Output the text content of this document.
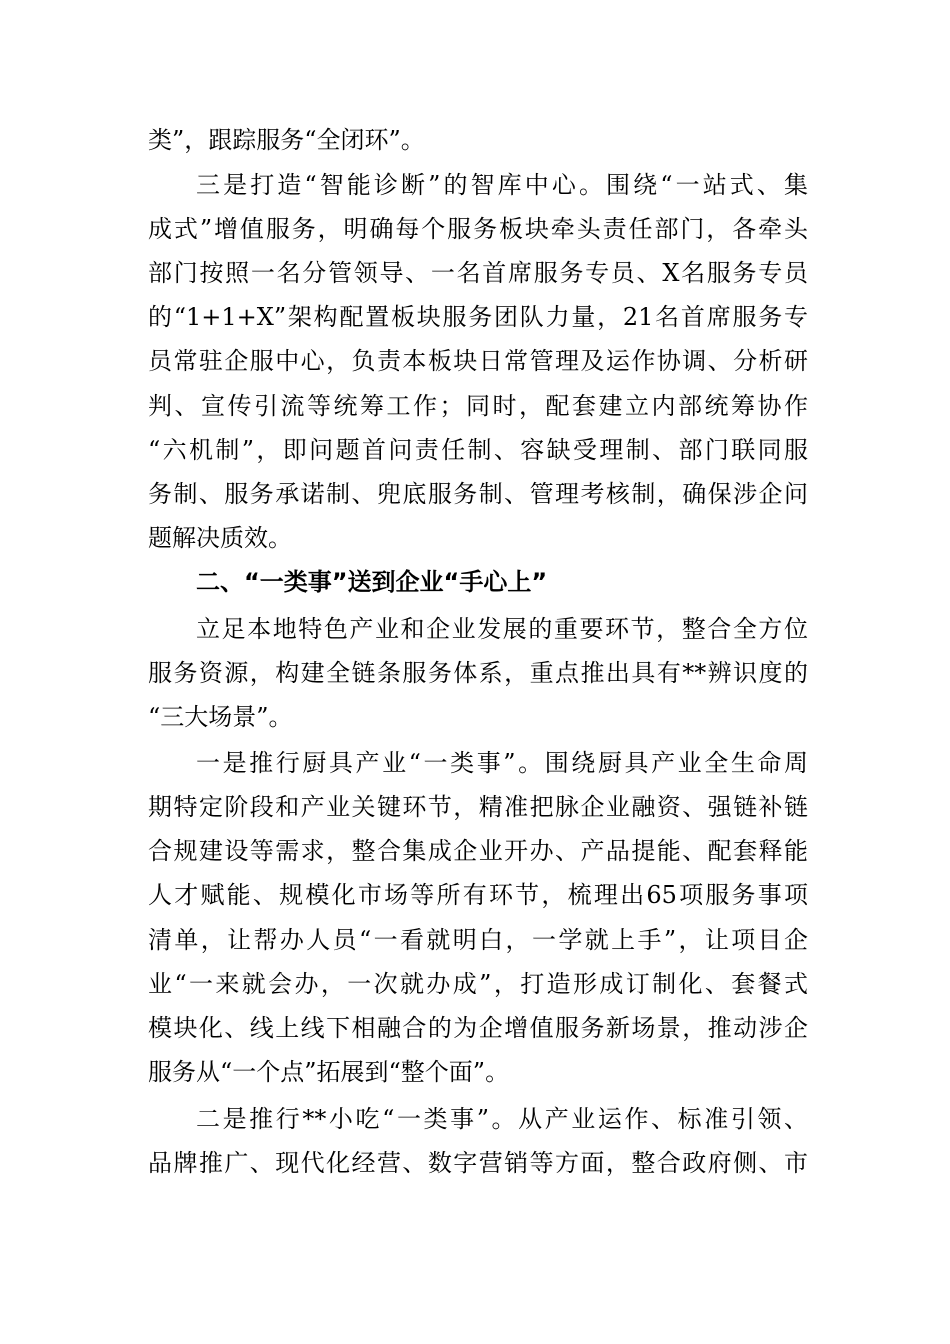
类”，跟踪服务“全闭环”。
三是打造“智能诊断”的智库中心。围绕“一站式、集
成式”增值服务，明确每个服务板块牵头责任部门，各牵头
部门按照一名分管领导、一名首席服务专员、X名服务专员
的“1+1+X”架构配置板块服务团队力量，21名首席服务专
员常驻企服中心，负责本板块日常管理及运作协调、分析研
判、宣传引流等统筹工作；同时，配套建立内部统筹协作
“六机制”，即问题首问责任制、容缺受理制、部门联同服
务制、服务承诺制、兜底服务制、管理考核制，确保涉企问
题解决质效。
二、“一类事”送到企业“手心上”
立足本地特色产业和企业发展的重要环节，整合全方位
服务资源，构建全链条服务体系，重点推出具有**辨识度的
“三大场景”。
一是推行厨具产业“一类事”。围绕厨具产业全生命周
期特定阶段和产业关键环节，精准把脉企业融资、强链补链
合规建设等需求，整合集成企业开办、产品提能、配套释能
人才赋能、规模化市场等所有环节，梳理出65项服务事项
清单，让帮办人员“一看就明白，一学就上手”，让项目企
业“一来就会办，一次就办成”，打造形成订制化、套餐式
模块化、线上线下相融合的为企增值服务新场景，推动涉企
服务从“一个点”拓展到“整个面”。
二是推行**小吃“一类事”。从产业运作、标准引领、
品牌推广、现代化经营、数字营销等方面，整合政府侧、市
